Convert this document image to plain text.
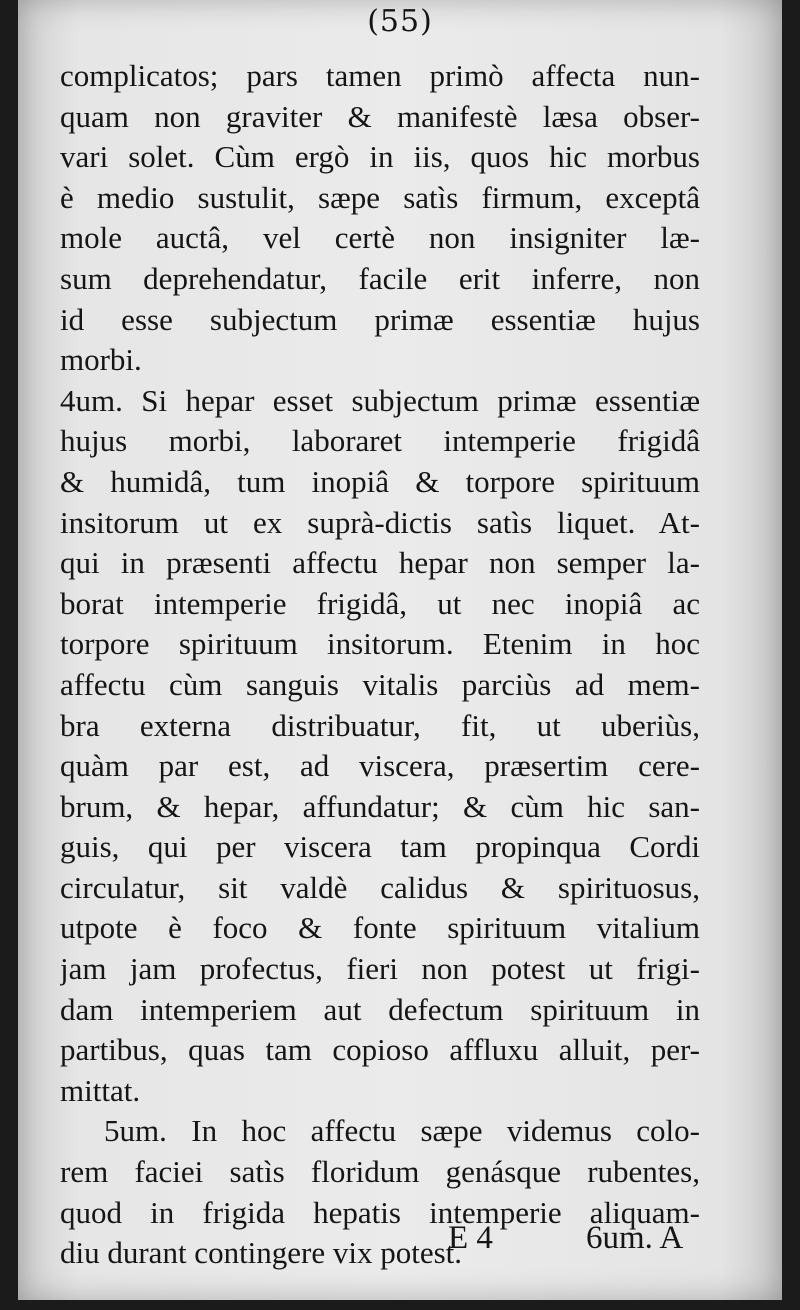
(55)
complicatos; pars tamen primò affecta nun-
quam non graviter & manifestè læsa obser-
vari solet. Cùm ergò in iis, quos hic morbus
è medio sustulit, sæpe satìs firmum, exceptâ
mole auctâ, vel certè non insigniter læ-
sum deprehendatur, facile erit inferre, non
id esse subjectum primæ essentiæ hujus
morbi.
4um. Si hepar esset subjectum primæ essentiæ
hujus morbi, laboraret intemperie frigidâ
& humidâ, tum inopiâ & torpore spirituum
insitorum ut ex suprà-dictis satìs liquet. At-
qui in præsenti affectu hepar non semper la-
borat intemperie frigidâ, ut nec inopiâ ac
torpore spirituum insitorum. Etenim in hoc
affectu cùm sanguis vitalis parciùs ad mem-
bra externa distribuatur, fit, ut uberiùs,
quàm par est, ad viscera, præsertim cere-
brum, & hepar, affundatur; & cùm hic san-
guis, qui per viscera tam propinqua Cordi
circulatur, sit valdè calidus & spirituosus,
utpote è foco & fonte spirituum vitalium
jam jam profectus, fieri non potest ut frigi-
dam intemperiem aut defectum spirituum in
partibus, quas tam copioso affluxu alluit, per-
mittat.
5um. In hoc affectu sæpe videmus colo-
rem faciei satìs floridum genásque rubentes,
quod in frigida hepatis intemperie aliquam-
diu durant contingere vix potest.
E 4	6um. A
